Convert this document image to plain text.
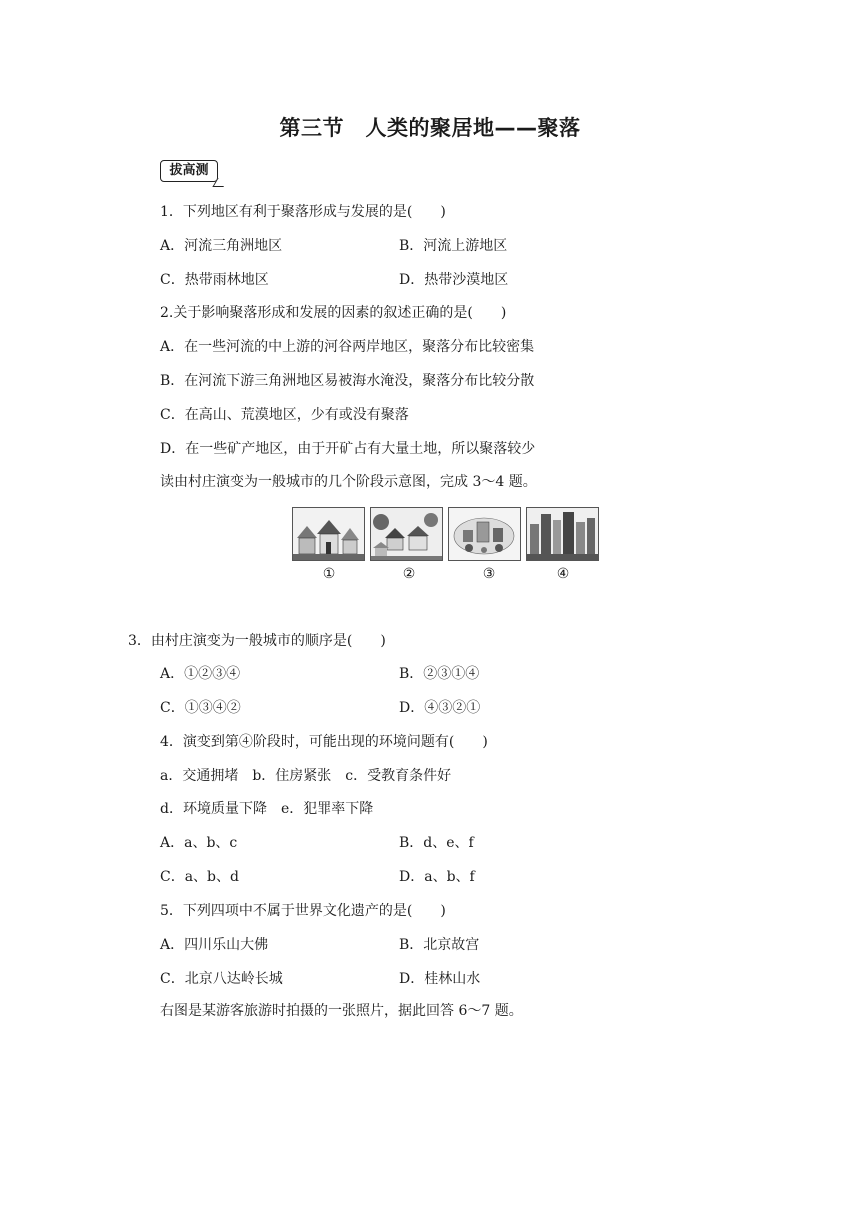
第三节　人类的聚居地——聚落
拔高测
1．下列地区有利于聚落形成与发展的是(　　)
A．河流三角洲地区	B．河流上游地区
C．热带雨林地区	D．热带沙漠地区
2.关于影响聚落形成和发展的因素的叙述正确的是(　　)
A．在一些河流的中上游的河谷两岸地区，聚落分布比较密集
B．在河流下游三角洲地区易被海水淹没，聚落分布比较分散
C．在高山、荒漠地区，少有或没有聚落
D．在一些矿产地区，由于开矿占有大量土地，所以聚落较少
读由村庄演变为一般城市的几个阶段示意图，完成 3～4 题。
①	②	③	④
3．由村庄演变为一般城市的顺序是(　　)
A．①②③④	B．②③①④
C．①③④②	D．④③②①
4．演变到第④阶段时，可能出现的环境问题有(　　)
a．交通拥堵　b．住房紧张　c．受教育条件好
d．环境质量下降　e．犯罪率下降
A．a、b、c	B．d、e、f
C．a、b、d	D．a、b、f
5．下列四项中不属于世界文化遗产的是(　　)
A．四川乐山大佛	B．北京故宫
C．北京八达岭长城	D．桂林山水
右图是某游客旅游时拍摄的一张照片，据此回答 6～7 题。
